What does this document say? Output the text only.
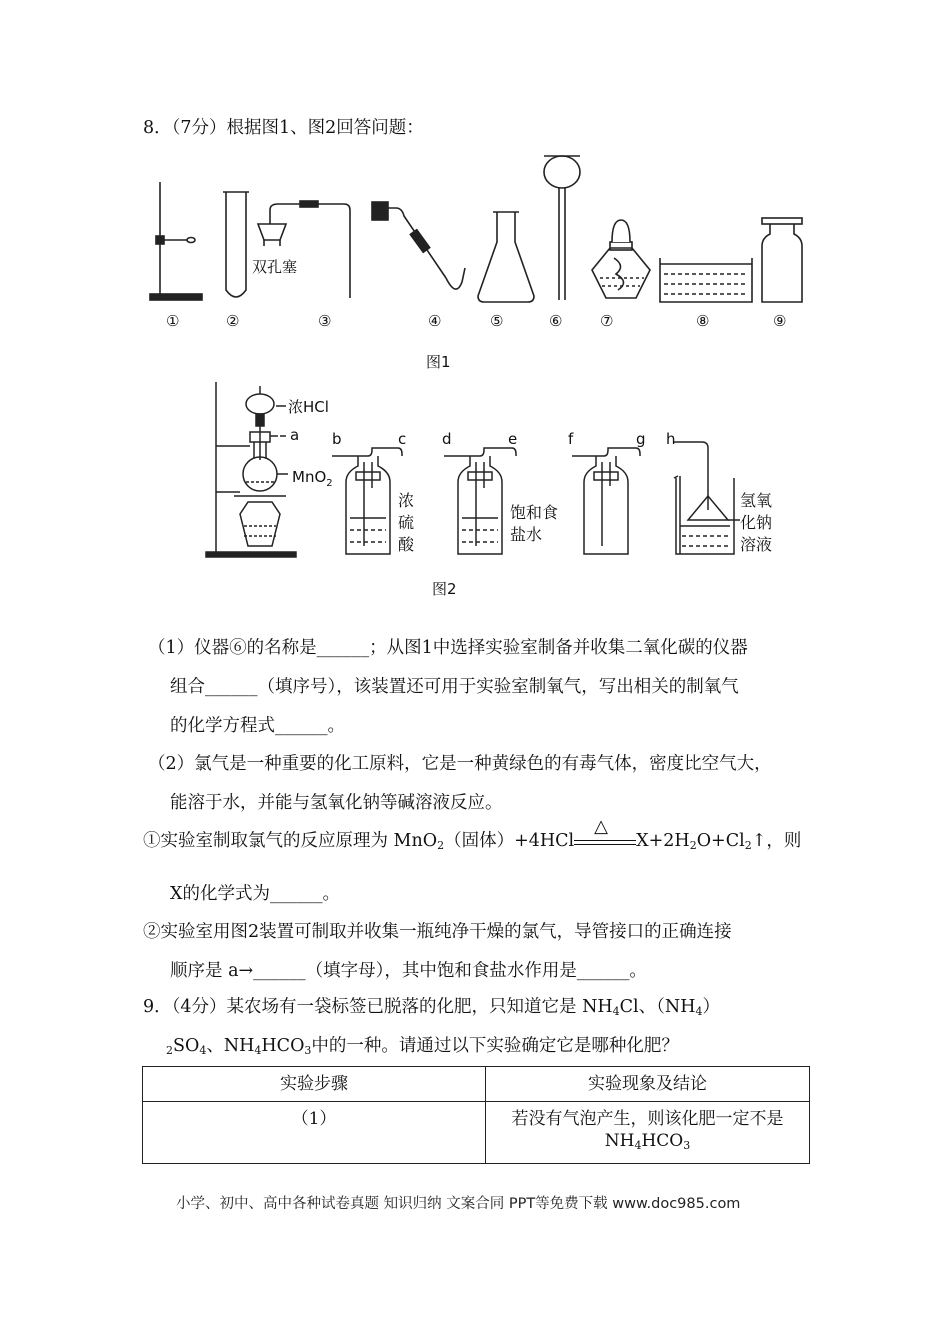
8．（7分）根据图1、图2回答问题：
双孔塞
①	②	③	④	⑤	⑥	⑦	⑧	⑨
图1
浓HCl
a
MnO$_2$
b	c
浓
硫
酸
d	e
饱和食
盐水
f	g h
氢氧
化钠
溶液
图2
（1）仪器⑥的名称是______；从图1中选择实验室制备并收集二氧化碳的仪器
组合______（填序号），该装置还可用于实验室制氧气，写出相关的制氧气
的化学方程式______。
（2）氯气是一种重要的化工原料，它是一种黄绿色的有毒气体，密度比空气大，
能溶于水，并能与氢氧化钠等碱溶液反应。
①实验室制取氯气的反应原理为 MnO$_2$（固体）+4HCl
△
$X+2H_2O+Cl_2↑$，则
X的化学式为______。
②实验室用图2装置可制取并收集一瓶纯净干燥的氯气，导管接口的正确连接
顺序是 a→______（填字母），其中饱和食盐水作用是______。
9．（4分）某农场有一袋标签已脱落的化肥，只知道它是 $NH_4Cl$、$(NH_4)$
$_2SO_4$、$NH_4HCO_3$中的一种。请通过以下实验确定它是哪种化肥？
实验步骤	实验现象及结论
（1）	若没有气泡产生，则该化肥一定不是
$NH_4HCO_3$
小学、初中、高中各种试卷真题 知识归纳 文案合同 PPT等免费下载 www.doc985.com
